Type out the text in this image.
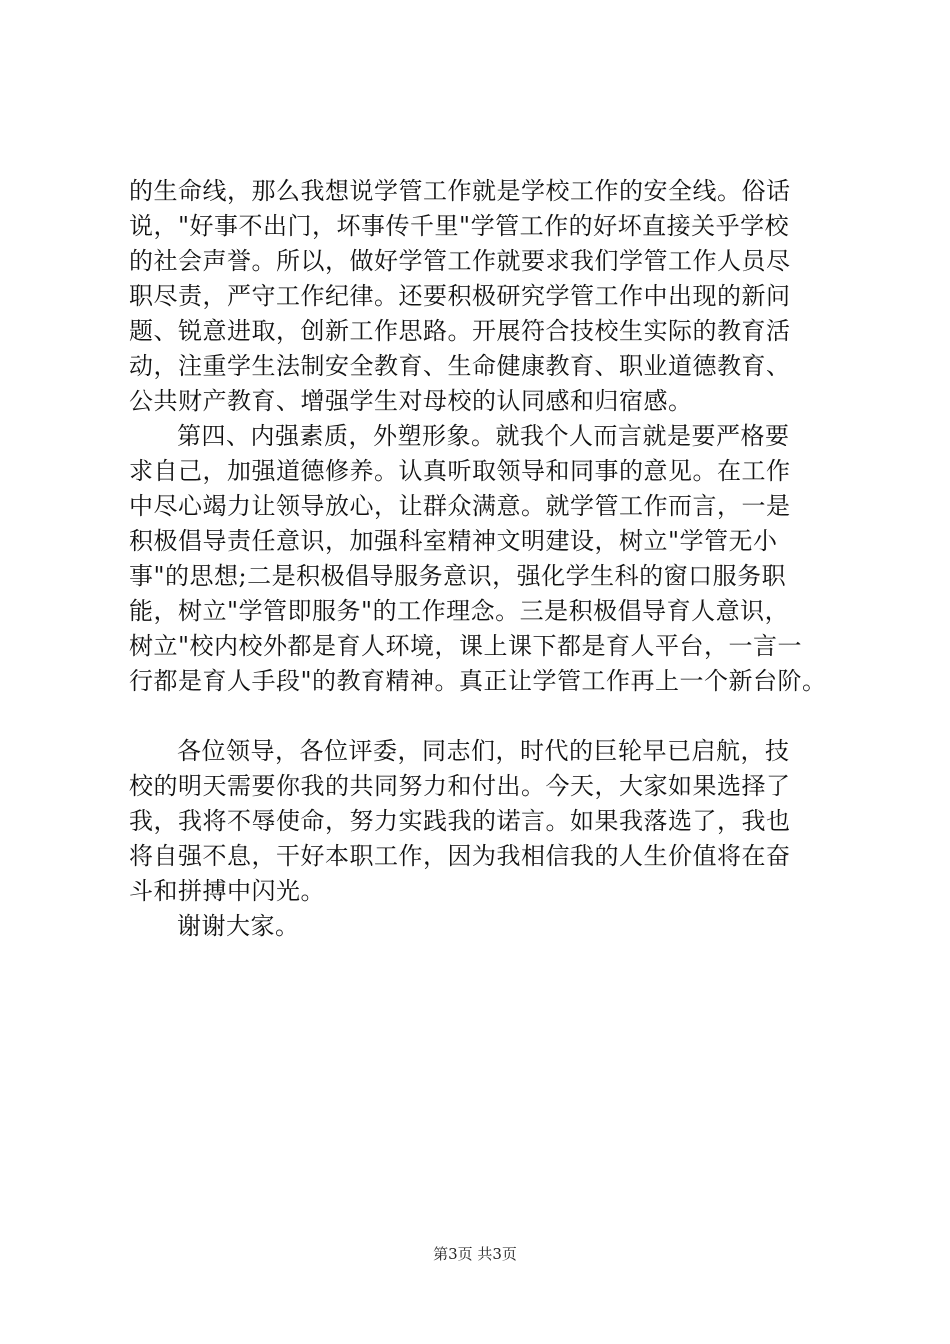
的生命线，那么我想说学管工作就是学校工作的安全线。俗话
说，"好事不出门，坏事传千里"学管工作的好坏直接关乎学校
的社会声誉。所以，做好学管工作就要求我们学管工作人员尽
职尽责，严守工作纪律。还要积极研究学管工作中出现的新问
题、锐意进取，创新工作思路。开展符合技校生实际的教育活
动，注重学生法制安全教育、生命健康教育、职业道德教育、
公共财产教育、增强学生对母校的认同感和归宿感。
第四、内强素质，外塑形象。就我个人而言就是要严格要
求自己，加强道德修养。认真听取领导和同事的意见。在工作
中尽心竭力让领导放心，让群众满意。就学管工作而言，一是
积极倡导责任意识，加强科室精神文明建设，树立"学管无小
事"的思想;二是积极倡导服务意识，强化学生科的窗口服务职
能，树立"学管即服务"的工作理念。三是积极倡导育人意识，
树立"校内校外都是育人环境，课上课下都是育人平台，一言一
行都是育人手段"的教育精神。真正让学管工作再上一个新台阶。
各位领导，各位评委，同志们，时代的巨轮早已启航，技
校的明天需要你我的共同努力和付出。今天，大家如果选择了
我，我将不辱使命，努力实践我的诺言。如果我落选了，我也
将自强不息，干好本职工作，因为我相信我的人生价值将在奋
斗和拼搏中闪光。
谢谢大家。
第3页 共3页
